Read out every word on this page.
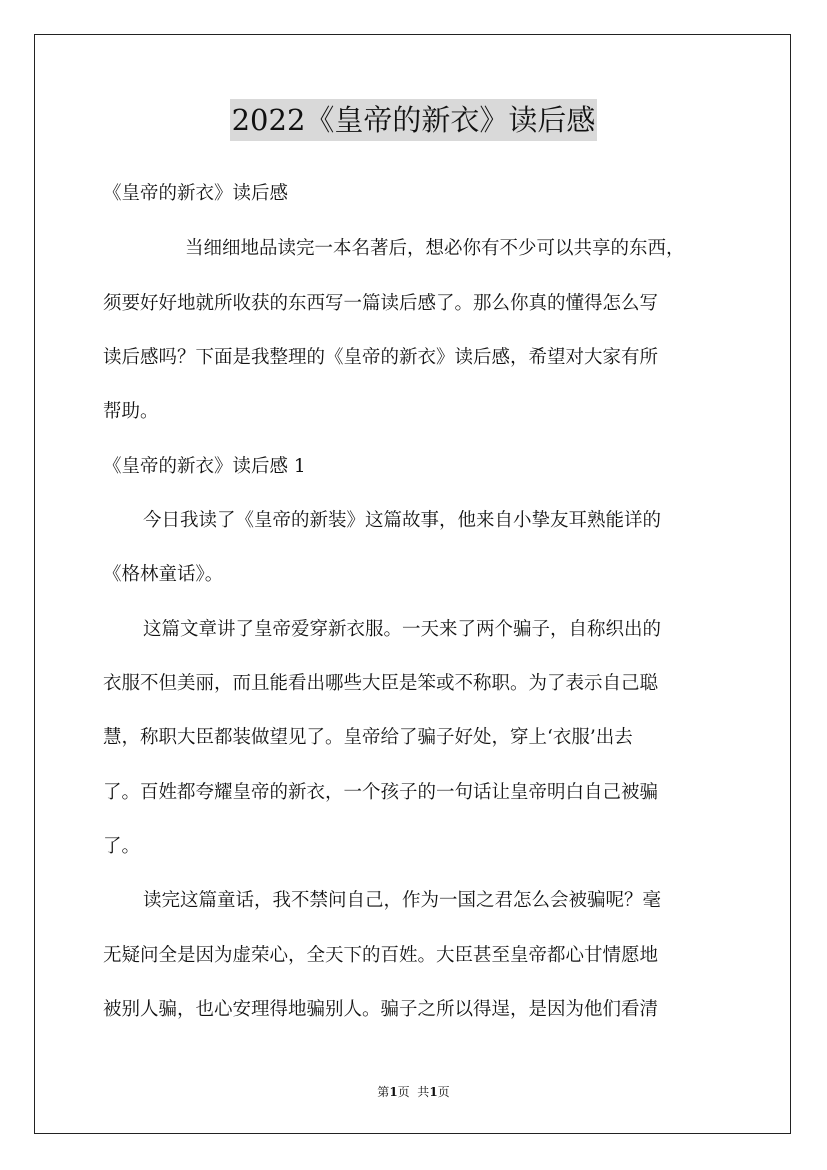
2022《皇帝的新衣》读后感
《皇帝的新衣》读后感
当细细地品读完一本名著后，想必你有不少可以共享的东西，
须要好好地就所收获的东西写一篇读后感了。那么你真的懂得怎么写
读后感吗？下面是我整理的《皇帝的新衣》读后感，希望对大家有所
帮助。
《皇帝的新衣》读后感 1
今日我读了《皇帝的新装》这篇故事，他来自小挚友耳熟能详的
《格林童话》。
这篇文章讲了皇帝爱穿新衣服。一天来了两个骗子，自称织出的
衣服不但美丽，而且能看出哪些大臣是笨或不称职。为了表示自己聪
慧，称职大臣都装做望见了。皇帝给了骗子好处，穿上‘衣服’出去
了。百姓都夸耀皇帝的新衣，一个孩子的一句话让皇帝明白自己被骗
了。
读完这篇童话，我不禁问自己，作为一国之君怎么会被骗呢？毫
无疑问全是因为虚荣心，全天下的百姓。大臣甚至皇帝都心甘情愿地
被别人骗，也心安理得地骗别人。骗子之所以得逞，是因为他们看清
第1页  共1页
